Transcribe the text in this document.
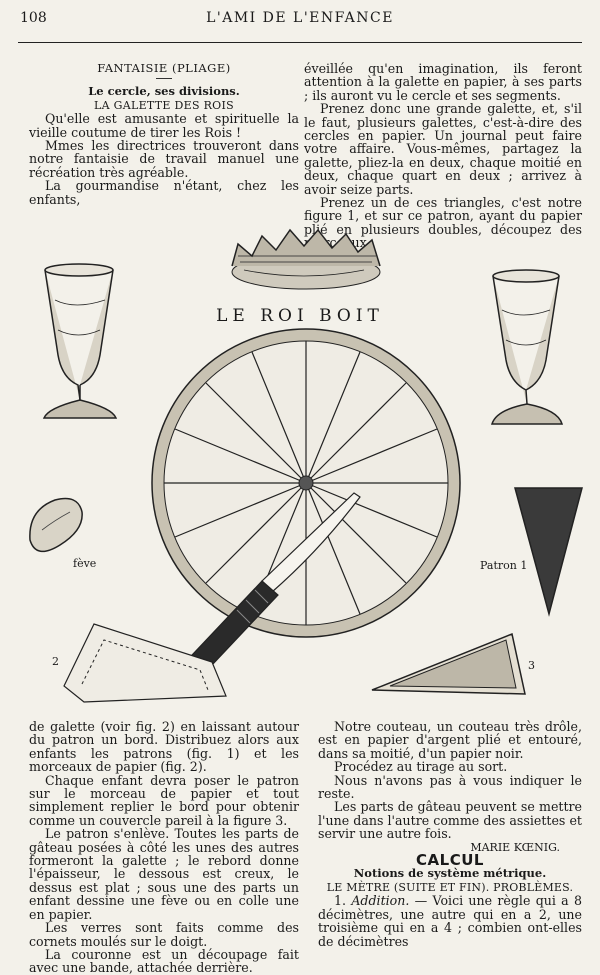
108	L'AMI DE L'ENFANCE

FANTAISIE (PLIAGE)

Le cercle, ses divisions.

LA GALETTE DES ROIS

Qu'elle est amusante et spirituelle la vieille coutume de tirer les Rois !

Mmes les directrices trouveront dans notre fantaisie de travail manuel une récréation très agréable.

La gourmandise n'étant, chez les enfants,

éveillée qu'en imagination, ils feront attention à la galette en papier, à ses parts ; ils auront vu le cercle et ses segments.

Prenez donc une grande galette, et, s'il le faut, plusieurs galettes, c'est-à-dire des cercles en papier. Un journal peut faire votre affaire. Vous-mêmes, partagez la galette, pliez-la en deux, chaque moitié en deux, chaque quart en deux ; arrivez à avoir seize parts.

Prenez un de ces triangles, c'est notre figure 1, et sur ce patron, ayant du papier plié en plusieurs doubles, découpez des morceaux

LE ROI BOIT
fève	Patron 1
2	3

de galette (voir fig. 2) en laissant autour du patron un bord. Distribuez alors aux enfants les patrons (fig. 1) et les morceaux de papier (fig. 2).

Chaque enfant devra poser le patron sur le morceau de papier et tout simplement replier le bord pour obtenir comme un couvercle pareil à la figure 3.

Le patron s'enlève. Toutes les parts de gâteau posées à côté les unes des autres formeront la galette ; le rebord donne l'épaisseur, le dessous est creux, le dessus est plat ; sous une des parts un enfant dessine une fève ou en colle une en papier.

Les verres sont faits comme des cornets moulés sur le doigt.

La couronne est un découpage fait avec une bande, attachée derrière.

Notre couteau, un couteau très drôle, est en papier d'argent plié et entouré, dans sa moitié, d'un papier noir.

Procédez au tirage au sort.

Nous n'avons pas à vous indiquer le reste.

Les parts de gâteau peuvent se mettre l'une dans l'autre comme des assiettes et servir une autre fois.

MARIE KŒNIG.

CALCUL

Notions de système métrique.

LE MÈTRE (SUITE ET FIN). PROBLÈMES.

1. Addition. — Voici une règle qui a 8 décimètres, une autre qui en a 2, une troisième qui en a 4 ; combien ont-elles de décimètres
